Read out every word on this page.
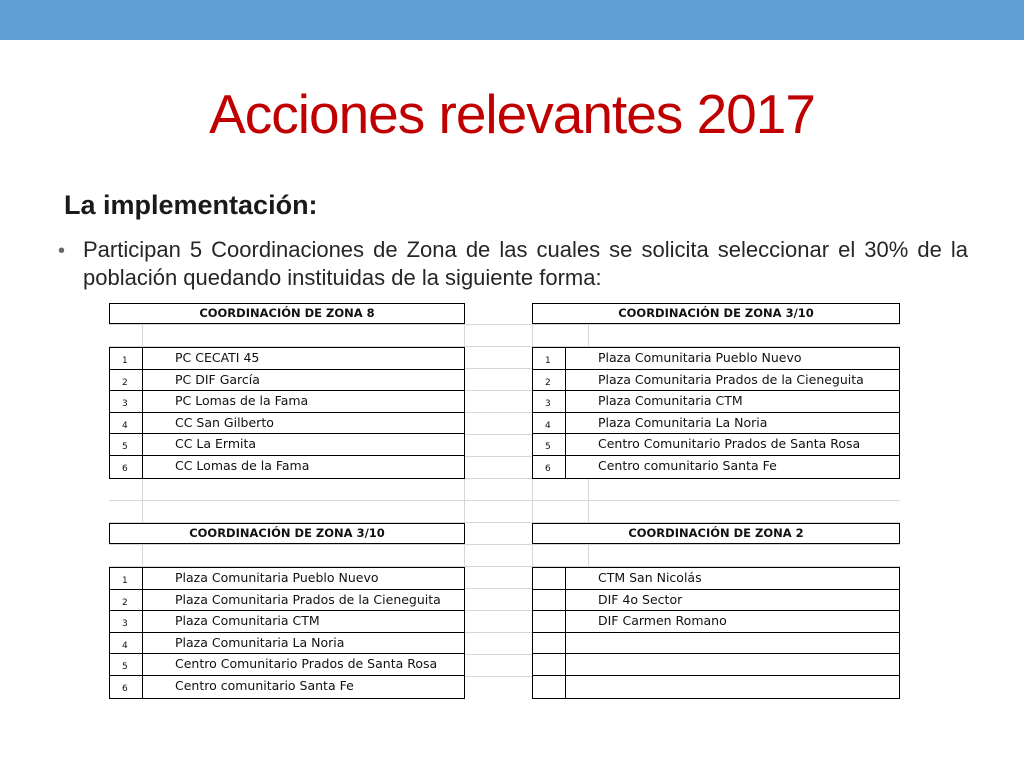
Acciones relevantes 2017
La implementación:
• Participan 5 Coordinaciones de Zona de las cuales se solicita seleccionar el 30% de la población quedando instituidas de la siguiente forma:
COORDINACIÓN DE ZONA 8
1	PC CECATI 45
2	PC DIF García
3	PC Lomas de la Fama
4	CC San Gilberto
5	CC La Ermita
6	CC Lomas de la Fama
COORDINACIÓN DE ZONA 3/10
1	Plaza Comunitaria Pueblo Nuevo
2	Plaza Comunitaria Prados de la Cieneguita
3	Plaza Comunitaria CTM
4	Plaza Comunitaria La Noria
5	Centro Comunitario Prados de Santa Rosa
6	Centro comunitario Santa Fe
COORDINACIÓN DE ZONA 3/10
1	Plaza Comunitaria Pueblo Nuevo
2	Plaza Comunitaria Prados de la Cieneguita
3	Plaza Comunitaria CTM
4	Plaza Comunitaria La Noria
5	Centro Comunitario Prados de Santa Rosa
6	Centro comunitario Santa Fe
COORDINACIÓN DE ZONA 2
CTM San Nicolás
DIF 4o Sector
DIF Carmen Romano
